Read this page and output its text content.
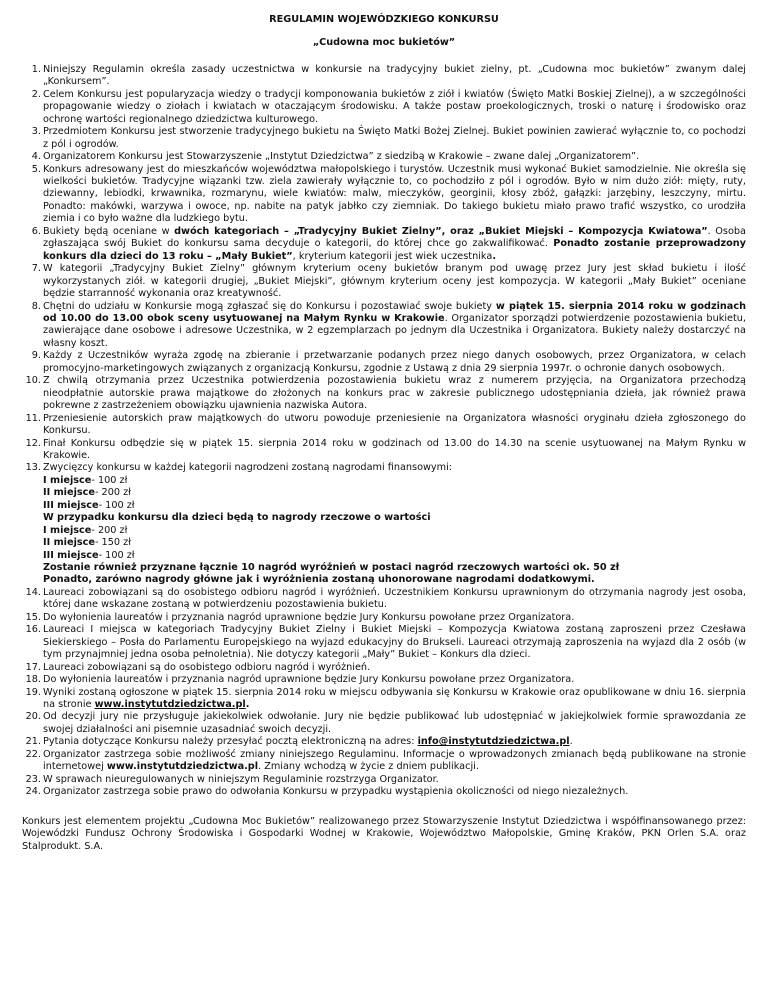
REGULAMIN WOJEWÓDZKIEGO KONKURSU
„Cudowna moc bukietów”
1. Niniejszy Regulamin określa zasady uczestnictwa w konkursie na tradycyjny bukiet zielny, pt. „Cudowna moc bukietów” zwanym dalej „Konkursem”.
2. Celem Konkursu jest popularyzacja wiedzy o tradycji komponowania bukietów z ziół i kwiatów (Święto Matki Boskiej Zielnej), a w szczególności propagowanie wiedzy o ziołach i kwiatach w otaczającym środowisku. A także postaw proekologicznych, troski o naturę i środowisko oraz ochronę wartości regionalnego dziedzictwa kulturowego.
3. Przedmiotem Konkursu jest stworzenie tradycyjnego bukietu na Święto Matki Bożej Zielnej. Bukiet powinien zawierać wyłącznie to, co pochodzi z pól i ogrodów.
4. Organizatorem Konkursu jest Stowarzyszenie „Instytut Dziedzictwa” z siedzibą w Krakowie – zwane dalej „Organizatorem”.
5. Konkurs adresowany jest do mieszkańców województwa małopolskiego i turystów. Uczestnik musi wykonać Bukiet samodzielnie. Nie określa się wielkości bukietów. Tradycyjne wiązanki tzw. ziela zawierały wyłącznie to, co pochodziło z pól i ogrodów. Było w nim dużo ziół: mięty, ruty, dziewanny, lebiodki, krwawnika, rozmarynu, wiele kwiatów: malw, mieczyków, georginii, kłosy zbóż, gałązki: jarzębiny, leszczyny, mirtu. Ponadto: makówki, warzywa i owoce, np. nabite na patyk jabłko czy ziemniak. Do takiego bukietu miało prawo trafić wszystko, co urodziła ziemia i co było ważne dla ludzkiego bytu.
6. Bukiety będą oceniane w dwóch kategoriach – „Tradycyjny Bukiet Zielny”, oraz „Bukiet Miejski – Kompozycja Kwiatowa”. Osoba zgłaszająca swój Bukiet do konkursu sama decyduje o kategorii, do której chce go zakwalifikować. Ponadto zostanie przeprowadzony konkurs dla dzieci do 13 roku – „Mały Bukiet”, kryterium kategorii jest wiek uczestnika.
7. W kategorii „Tradycyjny Bukiet Zielny” głównym kryterium oceny bukietów branym pod uwagę przez Jury jest skład bukietu i ilość wykorzystanych ziół. w kategorii drugiej, „Bukiet Miejski”, głównym kryterium oceny jest kompozycja. W kategorii „Mały Bukiet” oceniane będzie starranność wykonania oraz kreatywność.
8. Chętni do udziału w Konkursie mogą zgłaszać się do Konkursu i pozostawiać swoje bukiety w piątek 15. sierpnia 2014 roku w godzinach od 10.00 do 13.00 obok sceny usytuowanej na Małym Rynku w Krakowie. Organizator sporządzi potwierdzenie pozostawienia bukietu, zawierające dane osobowe i adresowe Uczestnika, w 2 egzemplarzach po jednym dla Uczestnika i Organizatora. Bukiety należy dostarczyć na własny koszt.
9. Każdy z Uczestników wyraża zgodę na zbieranie i przetwarzanie podanych przez niego danych osobowych, przez Organizatora, w celach promocyjno-marketingowych związanych z organizacją Konkursu, zgodnie z Ustawą z dnia 29 sierpnia 1997r. o ochronie danych osobowych.
10. Z chwilą otrzymania przez Uczestnika potwierdzenia pozostawienia bukietu wraz z numerem przyjęcia, na Organizatora przechodzą nieodpłatnie autorskie prawa majątkowe do złożonych na konkurs prac w zakresie publicznego udostępniania dzieła, jak również prawa pokrewne z zastrzeżeniem obowiązku ujawnienia nazwiska Autora.
11. Przeniesienie autorskich praw majątkowych do utworu powoduje przeniesienie na Organizatora własności oryginału dzieła zgłoszonego do Konkursu.
12. Finał Konkursu odbędzie się w piątek 15. sierpnia 2014 roku w godzinach od 13.00 do 14.30 na scenie usytuowanej na Małym Rynku w Krakowie.
13. Zwycięzcy konkursu w każdej kategorii nagrodzeni zostaną nagrodami finansowymi:
I miejsce- 100 zł
II miejsce- 200 zł
III miejsce- 100 zł
W przypadku konkursu dla dzieci będą to nagrody rzeczowe o wartości
I miejsce- 200 zł
II miejsce- 150 zł
III miejsce- 100 zł
Zostanie również przyznane łącznie 10 nagród wyróżnień w postaci nagród rzeczowych wartości ok. 50 zł
Ponadto, zarówno nagrody główne jak i wyróżnienia zostaną uhonorowane nagrodami dodatkowymi.
14. Laureaci zobowiązani są do osobistego odbioru nagród i wyróżnień. Uczestnikiem Konkursu uprawnionym do otrzymania nagrody jest osoba, której dane wskazane zostaną w potwierdzeniu pozostawienia bukietu.
15. Do wyłonienia laureatów i przyznania nagród uprawnione będzie Jury Konkursu powołane przez Organizatora.
16. Laureaci I miejsca w kategoriach Tradycyjny Bukiet Zielny i Bukiet Miejski – Kompozycja Kwiatowa zostaną zaproszeni przez Czesława Siekierskiego – Posła do Parlamentu Europejskiego na wyjazd edukacyjny do Brukseli. Laureaci otrzymają zaproszenia na wyjazd dla 2 osób (w tym przynajmniej jedna osoba pełnoletnia). Nie dotyczy kategorii „Mały” Bukiet – Konkurs dla dzieci.
17. Laureaci zobowiązani są do osobistego odbioru nagród i wyróżnień.
18. Do wyłonienia laureatów i przyznania nagród uprawnione będzie Jury Konkursu powołane przez Organizatora.
19. Wyniki zostaną ogłoszone w piątek 15. sierpnia 2014 roku w miejscu odbywania się Konkursu w Krakowie oraz opublikowane w dniu 16. sierpnia na stronie www.instytutdziedzictwa.pl.
20. Od decyzji jury nie przysługuje jakiekolwiek odwołanie. Jury nie będzie publikować lub udostępniać w jakiejkolwiek formie sprawozdania ze swojej działalności ani pisemnie uzasadniać swoich decyzji.
21. Pytania dotyczące Konkursu należy przesyłać pocztą elektroniczną na adres: info@instytutdziedzictwa.pl.
22. Organizator zastrzega sobie możliwość zmiany niniejszego Regulaminu. Informacje o wprowadzonych zmianach będą publikowane na stronie internetowej www.instytutdziedzictwa.pl. Zmiany wchodzą w życie z dniem publikacji.
23. W sprawach nieuregulowanych w niniejszym Regulaminie rozstrzyga Organizator.
24. Organizator zastrzega sobie prawo do odwołania Konkursu w przypadku wystąpienia okoliczności od niego niezależnych.
Konkurs jest elementem projektu „Cudowna Moc Bukietów” realizowanego przez Stowarzyszenie Instytut Dziedzictwa i współfinansowanego przez: Wojewódzki Fundusz Ochrony Środowiska i Gospodarki Wodnej w Krakowie, Województwo Małopolskie, Gminę Kraków, PKN Orlen S.A. oraz Stalprodukt. S.A.
